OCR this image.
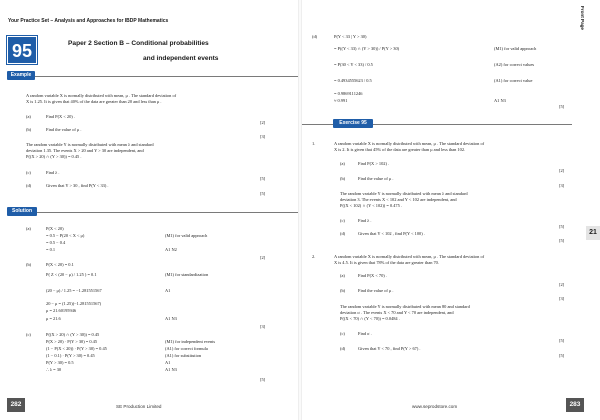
Your Practice Set – Analysis and Approaches for IBDP Mathematics
95	Paper 2 Section B – Conditional probabilities
and independent events
Example
A random variable X is normally distributed with mean, μ . The standard deviation of
X is 1.25. It is given that 40% of the data are greater than 20 and less than μ .
(a)	Find P(X < 20) .
[2]
(b)	Find the value of μ .
[3]
The random variable Y is normally distributed with mean λ and standard
deviation 1.35. The events X > 20 and Y > 30 are independent, and
P((X > 20) ∩ (Y > 30)) = 0.45 .
(c)	Find λ .
[5]
(d)	Given that Y > 30 , find P(Y < 33) .
[5]
Solution
(a)	P(X < 20)
= 0.5 − P(20 < X < μ)	(M1) for valid approach
= 0.5 − 0.4
= 0.1	A1 N2
[2]
(b)	P(X < 20) = 0.1
P( Z < (20 − μ) / 1.25 ) = 0.1	(M1) for standardization
(20 − μ) / 1.25 = −1.281551567	A1
20 − μ = (1.25)(−1.281551567)
μ = 21.60195946
μ = 21.6	A1 N3
[3]
(c)	P((X > 20) ∩ (Y > 30)) = 0.45
P(X > 20) · P(Y > 30) = 0.45	(M1) for independent events
(1 − P(X < 20)) · P(Y > 30) = 0.45	(A1) for correct formula
(1 − 0.1) · P(Y > 30) = 0.45	(A1) for substitution
P(Y > 30) = 0.5	A1
∴ λ = 30	A1 N3
[5]
282	SE Production Limited
Front Page
(d)	P(Y < 33 | Y > 30)
= P((Y < 33) ∩ (Y > 30)) / P(Y > 30)	(M1) for valid approach
= P(30 < Y < 33) / 0.5	(A2) for correct values
= 0.4934555623 / 0.5	(A1) for correct value
= 0.9869111246
≈ 0.991	A1 N3
[5]
Exercise 95
1.	A random variable X is normally distributed with mean, μ . The standard deviation of
X is 2. It is given that 45% of the data are greater than μ and less than 102.
(a)	Find P(X > 102) .
[2]
(b)	Find the value of μ .
[3]
The random variable Y is normally distributed with mean λ and standard
deviation 3. The events X < 102 and Y < 102 are independent, and
P((X < 102) ∩ (Y < 102)) = 0.475 .
(c)	Find λ .
[5]
(d)	Given that Y < 102 , find P(Y < 100) .
[5]
2.	A random variable X is normally distributed with mean, μ . The standard deviation of
X is 4.5. It is given that 78% of the data are greater than 70.
(a)	Find P(X < 70) .
[2]
(b)	Find the value of μ .
[3]
The random variable Y is normally distributed with mean 80 and standard
deviation σ . The events X < 70 and Y < 70 are independent, and
P((X < 70) ∩ (Y < 70)) = 0.0484 .
(c)	Find σ .
[5]
(d)	Given that Y < 70 , find P(Y > 67) .
[5]
21
www.seprodstore.com	283
